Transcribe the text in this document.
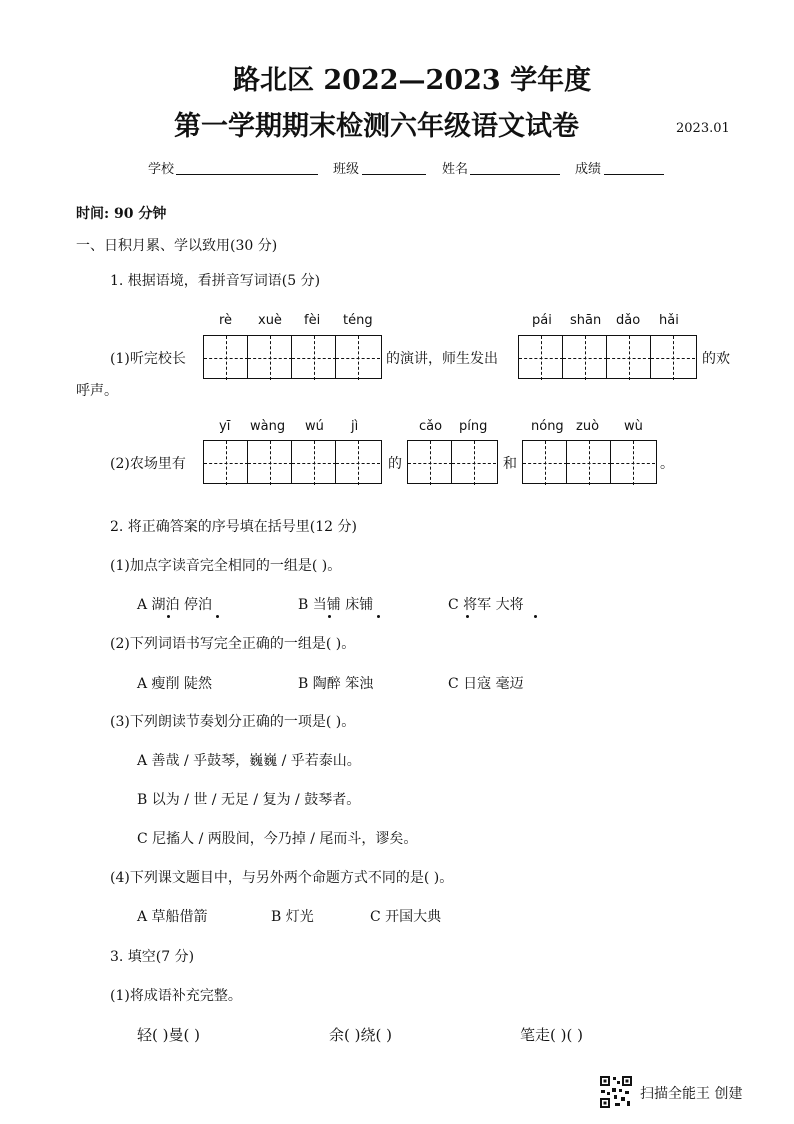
路北区 2022—2023 学年度
第一学期期末检测六年级语文试卷	2023.01
学校	班级	姓名	成绩
时间: 90 分钟
一、日积月累、学以致用(30 分)
1. 根据语境，看拼音写词语(5 分)
rè xuè fèi téng	pái shān dǎo hǎi
(1)听完校长	的演讲，师生发出	的欢
呼声。
yī wàng wú jì	cǎo píng	nóng zuò wù
(2)农场里有	的	和	。
2. 将正确答案的序号填在括号里(12 分)
(1)加点字读音完全相同的一组是( )。
A 湖泊 停泊	B 当铺 床铺	C 将军 大将
(2)下列词语书写完全正确的一组是( )。
A 瘦削 陡然	B 陶醉 笨浊	C 日寇 毫迈
(3)下列朗读节奏划分正确的一项是( )。
A 善哉 / 乎鼓琴，巍巍 / 乎若泰山。
B 以为 / 世 / 无足 / 复为 / 鼓琴者。
C 尼搐人 / 两股间，今乃掉 / 尾而斗，谬矣。
(4)下列课文题目中，与另外两个命题方式不同的是( )。
A 草船借箭	B 灯光	C 开国大典
3. 填空(7 分)
(1)将成语补充完整。
轻( )曼( )	余( )绕( )	笔走( )( )
扫描全能王 创建
